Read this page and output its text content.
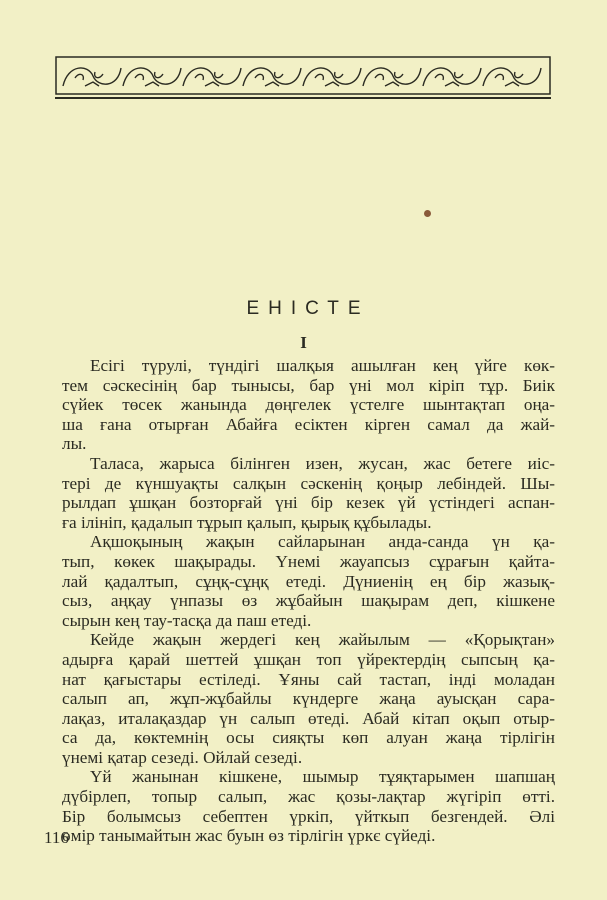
ЕНІСТЕ
I
Есігі түрулі, түндігі шалқыя ашылған кең үйге көк-
тем сәскесінің бар тынысы, бар үні мол кіріп тұр. Биік
сүйек төсек жанында дөңгелек үстелге шынтақтап оңа-
ша ғана отырған Абайға есіктен кірген самал да жай-
лы.
Таласа, жарыса білінген изен, жусан, жас бетеге иіс-
тері де күншуақты салқын сәскенің қоңыр лебіндей. Шы-
рылдап ұшқан бозторғай үні бір кезек үй үстіндегі аспан-
ға ілініп, қадалып тұрып қалып, қырық құбылады.
Ақшоқының жақын сайларынан анда-санда үн қа-
тып, көкек шақырады. Үнемі жауапсыз сұрағын қайта-
лай қадалтып, сұңқ-сұңқ етеді. Дүниенің ең бір жазық-
сыз, аңқау үнпазы өз жұбайын шақырам деп, кішкене
сырын кең тау-тасқа да паш етеді.
Кейде жақын жердегі кең жайылым — «Қорықтан»
адырға қарай шеттей ұшқан топ үйректердің сыпсың қа-
нат қағыстары естіледі. Ұяны сай тастап, інді моладан
салып ап, жұп-жұбайлы күндерге жаңа ауысқан сара-
лақаз, италақаздар үн салып өтеді. Абай кітап оқып отыр-
са да, көктемнің осы сияқты көп алуан жаңа тірлігін
үнемі қатар сезеді. Ойлай сезеді.
Үй жанынан кішкене, шымыр тұяқтарымен шапшаң
дүбірлеп, топыр салып, жас қозы-лақтар жүгіріп өтті.
Бір болымсыз себептен үркіп, үйткып безгендей. Әлі
өмір танымайтын жас буын өз тірлігін үркє сүйеді.
116
